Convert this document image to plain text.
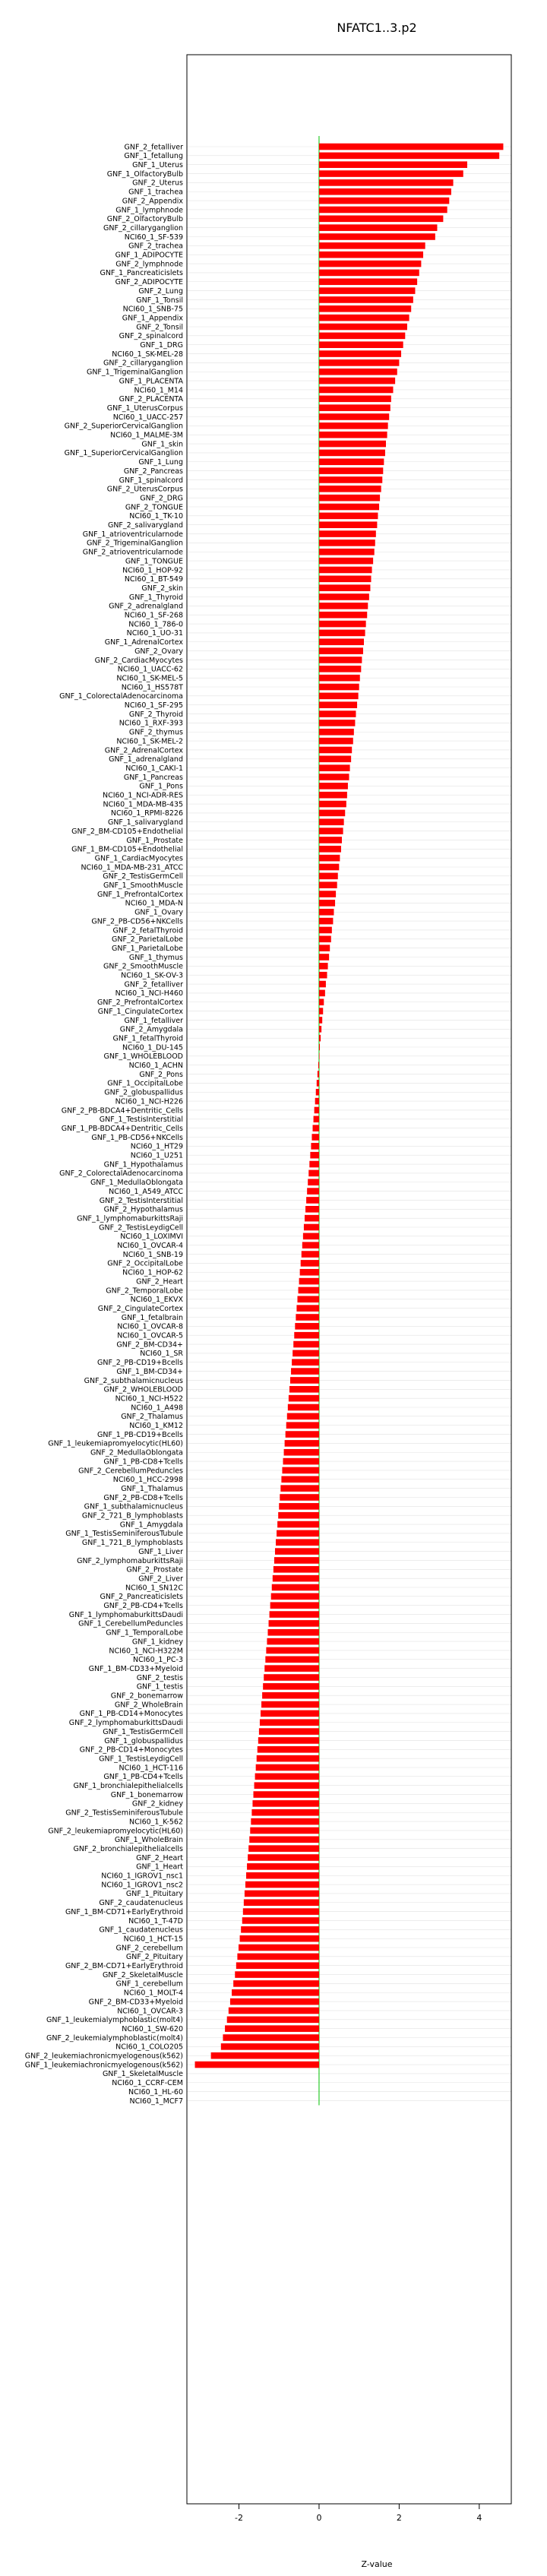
NFATC1..3.p2
GNF_2_fetalliver
GNF_1_fetallung
GNF_1_Uterus
GNF_1_OlfactoryBulb
GNF_2_Uterus
GNF_1_trachea
GNF_2_Appendix
GNF_1_lymphnode
GNF_2_OlfactoryBulb
GNF_2_cillaryganglion
NCI60_1_SF-539
GNF_2_trachea
GNF_1_ADIPOCYTE
GNF_2_lymphnode
GNF_1_Pancreaticislets
GNF_2_ADIPOCYTE
GNF_2_Lung
GNF_1_Tonsil
NCI60_1_SNB-75
GNF_1_Appendix
GNF_2_Tonsil
GNF_2_spinalcord
GNF_1_DRG
NCI60_1_SK-MEL-28
GNF_2_cillaryganglion
GNF_1_TrigeminalGanglion
GNF_1_PLACENTA
NCI60_1_M14
GNF_2_PLACENTA
GNF_1_UterusCorpus
NCI60_1_UACC-257
GNF_2_SuperiorCervicalGanglion
NCI60_1_MALME-3M
GNF_1_skin
GNF_1_SuperiorCervicalGanglion
GNF_1_Lung
GNF_2_Pancreas
GNF_1_spinalcord
GNF_2_UterusCorpus
GNF_2_DRG
GNF_2_TONGUE
NCI60_1_TK-10
GNF_2_salivarygland
GNF_1_atrioventricularnode
GNF_2_TrigeminalGanglion
GNF_2_atrioventricularnode
GNF_1_TONGUE
NCI60_1_HOP-92
NCI60_1_BT-549
GNF_2_skin
GNF_1_Thyroid
GNF_2_adrenalgland
NCI60_1_SF-268
NCI60_1_786-0
NCI60_1_UO-31
GNF_1_AdrenalCortex
GNF_2_Ovary
GNF_2_CardiacMyocytes
NCI60_1_UACC-62
NCI60_1_SK-MEL-5
NCI60_1_HS578T
GNF_1_ColorectalAdenocarcinoma
NCI60_1_SF-295
GNF_2_Thyroid
NCI60_1_RXF-393
GNF_2_thymus
NCI60_1_SK-MEL-2
GNF_2_AdrenalCortex
GNF_1_adrenalgland
NCI60_1_CAKI-1
GNF_1_Pancreas
GNF_1_Pons
NCI60_1_NCI-ADR-RES
NCI60_1_MDA-MB-435
NCI60_1_RPMI-8226
GNF_1_salivarygland
GNF_2_BM-CD105+Endothelial
GNF_1_Prostate
GNF_1_BM-CD105+Endothelial
GNF_1_CardiacMyocytes
NCI60_1_MDA-MB-231_ATCC
GNF_2_TestisGermCell
GNF_1_SmoothMuscle
GNF_1_PrefrontalCortex
NCI60_1_MDA-N
GNF_1_Ovary
GNF_2_PB-CD56+NKCells
GNF_2_fetalThyroid
GNF_2_ParietalLobe
GNF_1_ParietalLobe
GNF_1_thymus
GNF_2_SmoothMuscle
NCI60_1_SK-OV-3
GNF_2_fetalliver
NCI60_1_NCI-H460
GNF_2_PrefrontalCortex
GNF_1_CingulateCortex
GNF_1_fetalliver
GNF_2_Amygdala
GNF_1_fetalThyroid
NCI60_1_DU-145
GNF_1_WHOLEBLOOD
NCI60_1_ACHN
GNF_2_Pons
GNF_1_OccipitalLobe
GNF_2_globuspallidus
NCI60_1_NCI-H226
GNF_2_PB-BDCA4+Dentritic_Cells
GNF_1_TestisInterstitial
GNF_1_PB-BDCA4+Dentritic_Cells
GNF_1_PB-CD56+NKCells
NCI60_1_HT29
NCI60_1_U251
GNF_1_Hypothalamus
GNF_2_ColorectalAdenocarcinoma
GNF_1_MedullaOblongata
NCI60_1_A549_ATCC
GNF_2_TestisInterstitial
GNF_2_Hypothalamus
GNF_1_lymphomaburkittsRaji
GNF_2_TestisLeydigCell
NCI60_1_LOXIMVI
NCI60_1_OVCAR-4
NCI60_1_SNB-19
GNF_2_OccipitalLobe
NCI60_1_HOP-62
GNF_2_Heart
GNF_2_TemporalLobe
NCI60_1_EKVX
GNF_2_CingulateCortex
GNF_1_fetalbrain
NCI60_1_OVCAR-8
NCI60_1_OVCAR-5
GNF_2_BM-CD34+
NCI60_1_SR
GNF_2_PB-CD19+Bcells
GNF_1_BM-CD34+
GNF_2_subthalamicnucleus
GNF_2_WHOLEBLOOD
NCI60_1_NCI-H522
NCI60_1_A498
GNF_2_Thalamus
NCI60_1_KM12
GNF_1_PB-CD19+Bcells
GNF_1_leukemiapromyelocytic(HL60)
GNF_2_MedullaOblongata
GNF_1_PB-CD8+Tcells
GNF_2_CerebellumPeduncles
NCI60_1_HCC-2998
GNF_1_Thalamus
GNF_2_PB-CD8+Tcells
GNF_1_subthalamicnucleus
GNF_2_721_B_lymphoblasts
GNF_1_Amygdala
GNF_1_TestisSeminiferousTubule
GNF_1_721_B_lymphoblasts
GNF_1_Liver
GNF_2_lymphomaburkittsRaji
GNF_2_Prostate
GNF_2_Liver
NCI60_1_SN12C
GNF_2_Pancreaticislets
GNF_2_PB-CD4+Tcells
GNF_1_lymphomaburkittsDaudi
GNF_1_CerebellumPeduncles
GNF_1_TemporalLobe
GNF_1_kidney
NCI60_1_NCI-H322M
NCI60_1_PC-3
GNF_1_BM-CD33+Myeloid
GNF_2_testis
GNF_1_testis
GNF_2_bonemarrow
GNF_2_WholeBrain
GNF_1_PB-CD14+Monocytes
GNF_2_lymphomaburkittsDaudi
GNF_1_TestisGermCell
GNF_1_globuspallidus
GNF_2_PB-CD14+Monocytes
GNF_1_TestisLeydigCell
NCI60_1_HCT-116
GNF_1_PB-CD4+Tcells
GNF_1_bronchialepithelialcells
GNF_1_bonemarrow
GNF_2_kidney
GNF_2_TestisSeminiferousTubule
NCI60_1_K-562
GNF_2_leukemiapromyelocytic(HL60)
GNF_1_WholeBrain
GNF_2_bronchialepithelialcells
GNF_2_Heart
GNF_1_Heart
NCI60_1_IGROV1_nsc1
NCI60_1_IGROV1_nsc2
GNF_1_Pituitary
GNF_2_caudatenucleus
GNF_1_BM-CD71+EarlyErythroid
NCI60_1_T-47D
GNF_1_caudatenucleus
NCI60_1_HCT-15
GNF_2_cerebellum
GNF_2_Pituitary
GNF_2_BM-CD71+EarlyErythroid
GNF_2_SkeletalMuscle
GNF_1_cerebellum
NCI60_1_MOLT-4
GNF_2_BM-CD33+Myeloid
NCI60_1_OVCAR-3
GNF_1_leukemialymphoblastic(molt4)
NCI60_1_SW-620
GNF_2_leukemialymphoblastic(molt4)
NCI60_1_COLO205
GNF_2_leukemiachronicmyelogenous(k562)
GNF_1_leukemiachronicmyelogenous(k562)
GNF_1_SkeletalMuscle
NCI60_1_CCRF-CEM
NCI60_1_HL-60
NCI60_1_MCF7
-2	0	2	4
Z-value
